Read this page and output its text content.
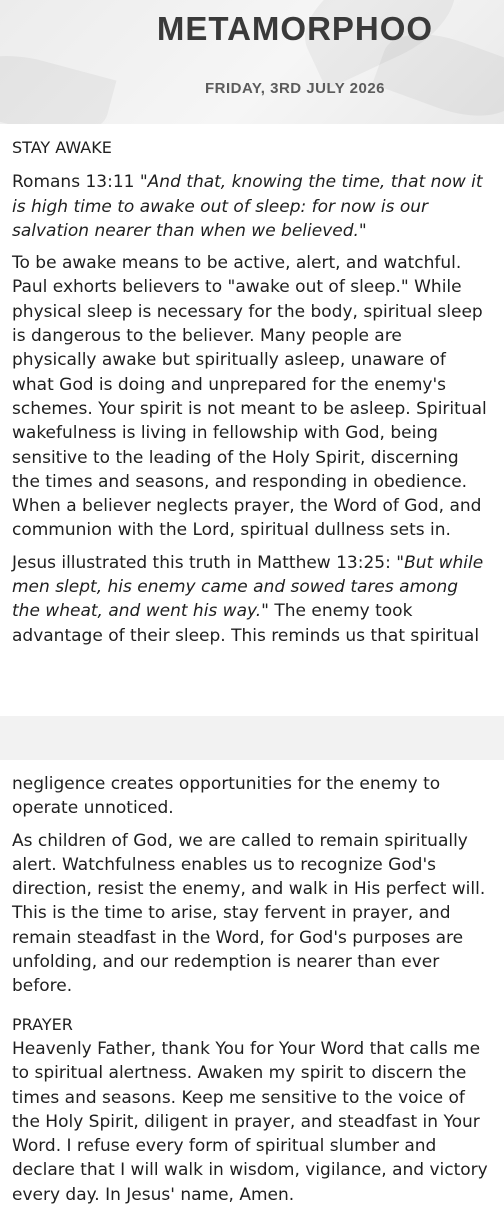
METAMORPHOO
FRIDAY, 3RD JULY 2026

STAY AWAKE

Romans 13:11 "And that, knowing the time, that now it
is high time to awake out of sleep: for now is our
salvation nearer than when we believed."

To be awake means to be active, alert, and watchful.
Paul exhorts believers to "awake out of sleep." While
physical sleep is necessary for the body, spiritual sleep
is dangerous to the believer. Many people are
physically awake but spiritually asleep, unaware of
what God is doing and unprepared for the enemy's
schemes. Your spirit is not meant to be asleep. Spiritual
wakefulness is living in fellowship with God, being
sensitive to the leading of the Holy Spirit, discerning
the times and seasons, and responding in obedience.
When a believer neglects prayer, the Word of God, and
communion with the Lord, spiritual dullness sets in.

Jesus illustrated this truth in Matthew 13:25: "But while
men slept, his enemy came and sowed tares among
the wheat, and went his way." The enemy took
advantage of their sleep. This reminds us that spiritual

negligence creates opportunities for the enemy to
operate unnoticed.

As children of God, we are called to remain spiritually
alert. Watchfulness enables us to recognize God's
direction, resist the enemy, and walk in His perfect will.
This is the time to arise, stay fervent in prayer, and
remain steadfast in the Word, for God's purposes are
unfolding, and our redemption is nearer than ever
before.

PRAYER
Heavenly Father, thank You for Your Word that calls me
to spiritual alertness. Awaken my spirit to discern the
times and seasons. Keep me sensitive to the voice of
the Holy Spirit, diligent in prayer, and steadfast in Your
Word. I refuse every form of spiritual slumber and
declare that I will walk in wisdom, vigilance, and victory
every day. In Jesus' name, Amen.
